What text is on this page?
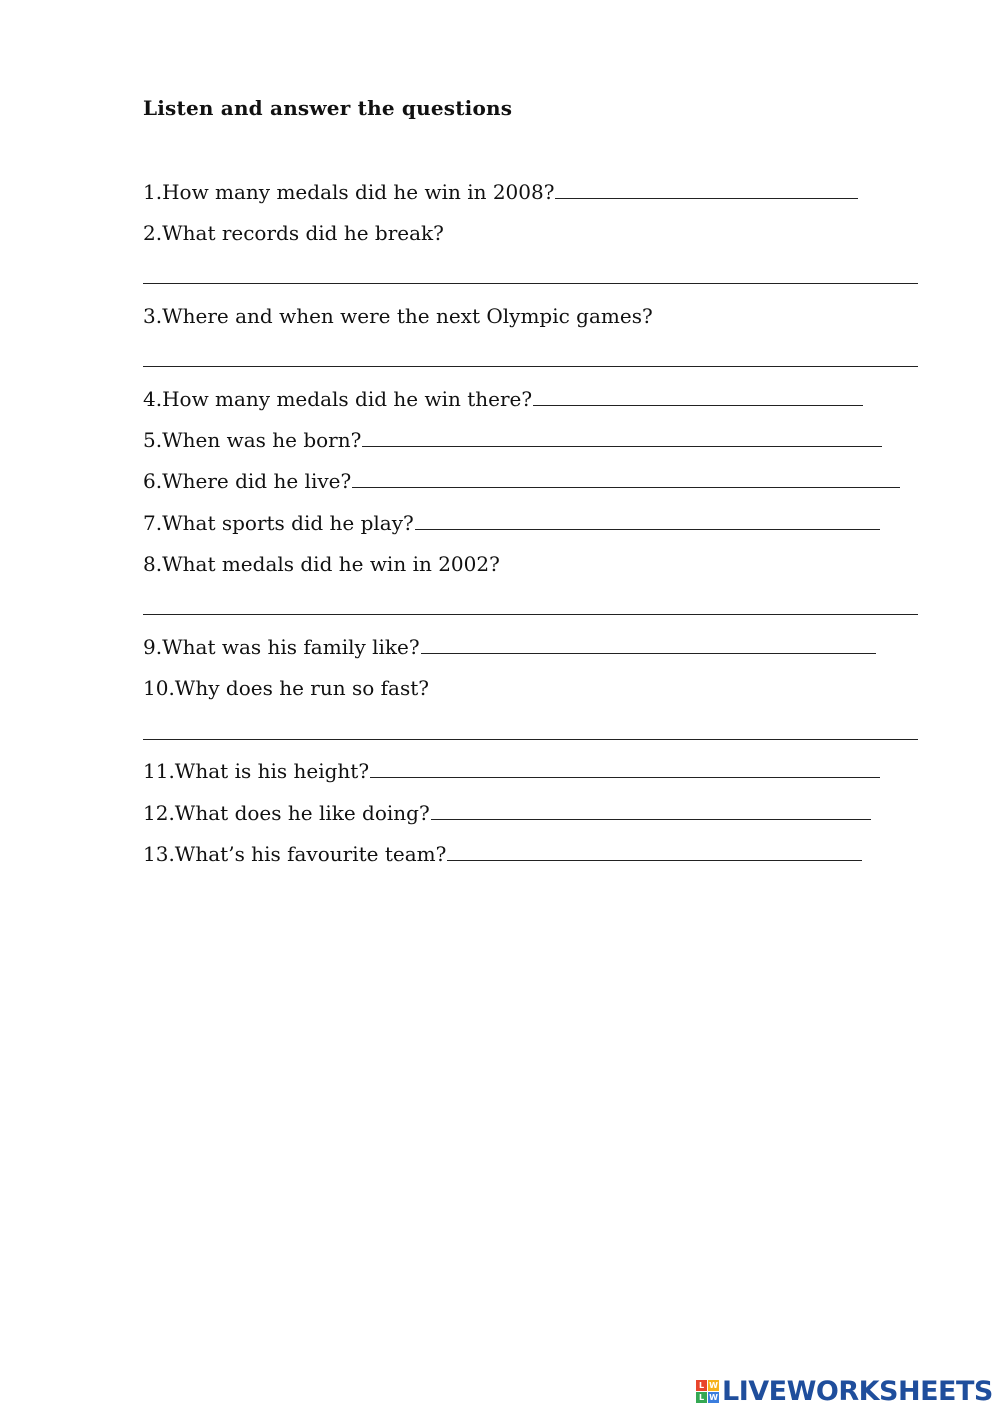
Listen and answer the questions
1.How many medals did he win in 2008?
2.What records did he break?
3.Where and when were the next Olympic games?
4.How many medals did he win there?
5.When was he born?
6.Where did he live?
7.What sports did he play?
8.What medals did he win in 2002?
9.What was his family like?
10.Why does he run so fast?
11.What is his height?
12.What does he like doing?
13.What’s his favourite team?
L W
L W LIVEWORKSHEETS
